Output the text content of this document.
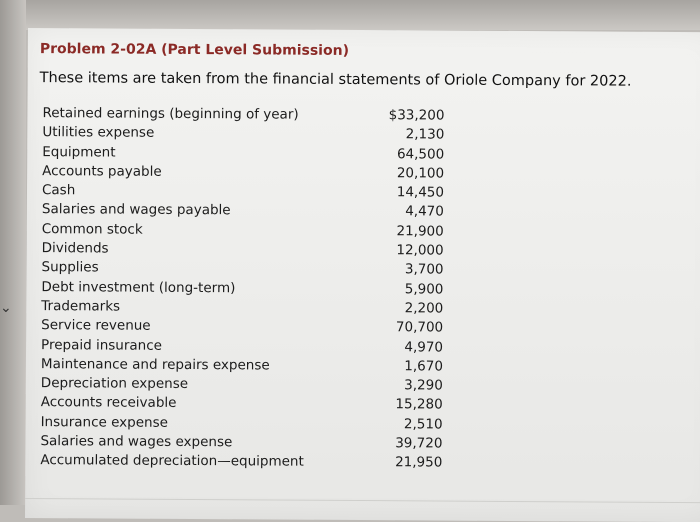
⌄
Problem 2-02A (Part Level Submission)
These items are taken from the financial statements of Oriole Company for 2022.
Retained earnings (beginning of year)	$33,200
Utilities expense	2,130
Equipment	64,500
Accounts payable	20,100
Cash	14,450
Salaries and wages payable	4,470
Common stock	21,900
Dividends	12,000
Supplies	3,700
Debt investment (long-term)	5,900
Trademarks	2,200
Service revenue	70,700
Prepaid insurance	4,970
Maintenance and repairs expense	1,670
Depreciation expense	3,290
Accounts receivable	15,280
Insurance expense	2,510
Salaries and wages expense	39,720
Accumulated depreciation—equipment	21,950
